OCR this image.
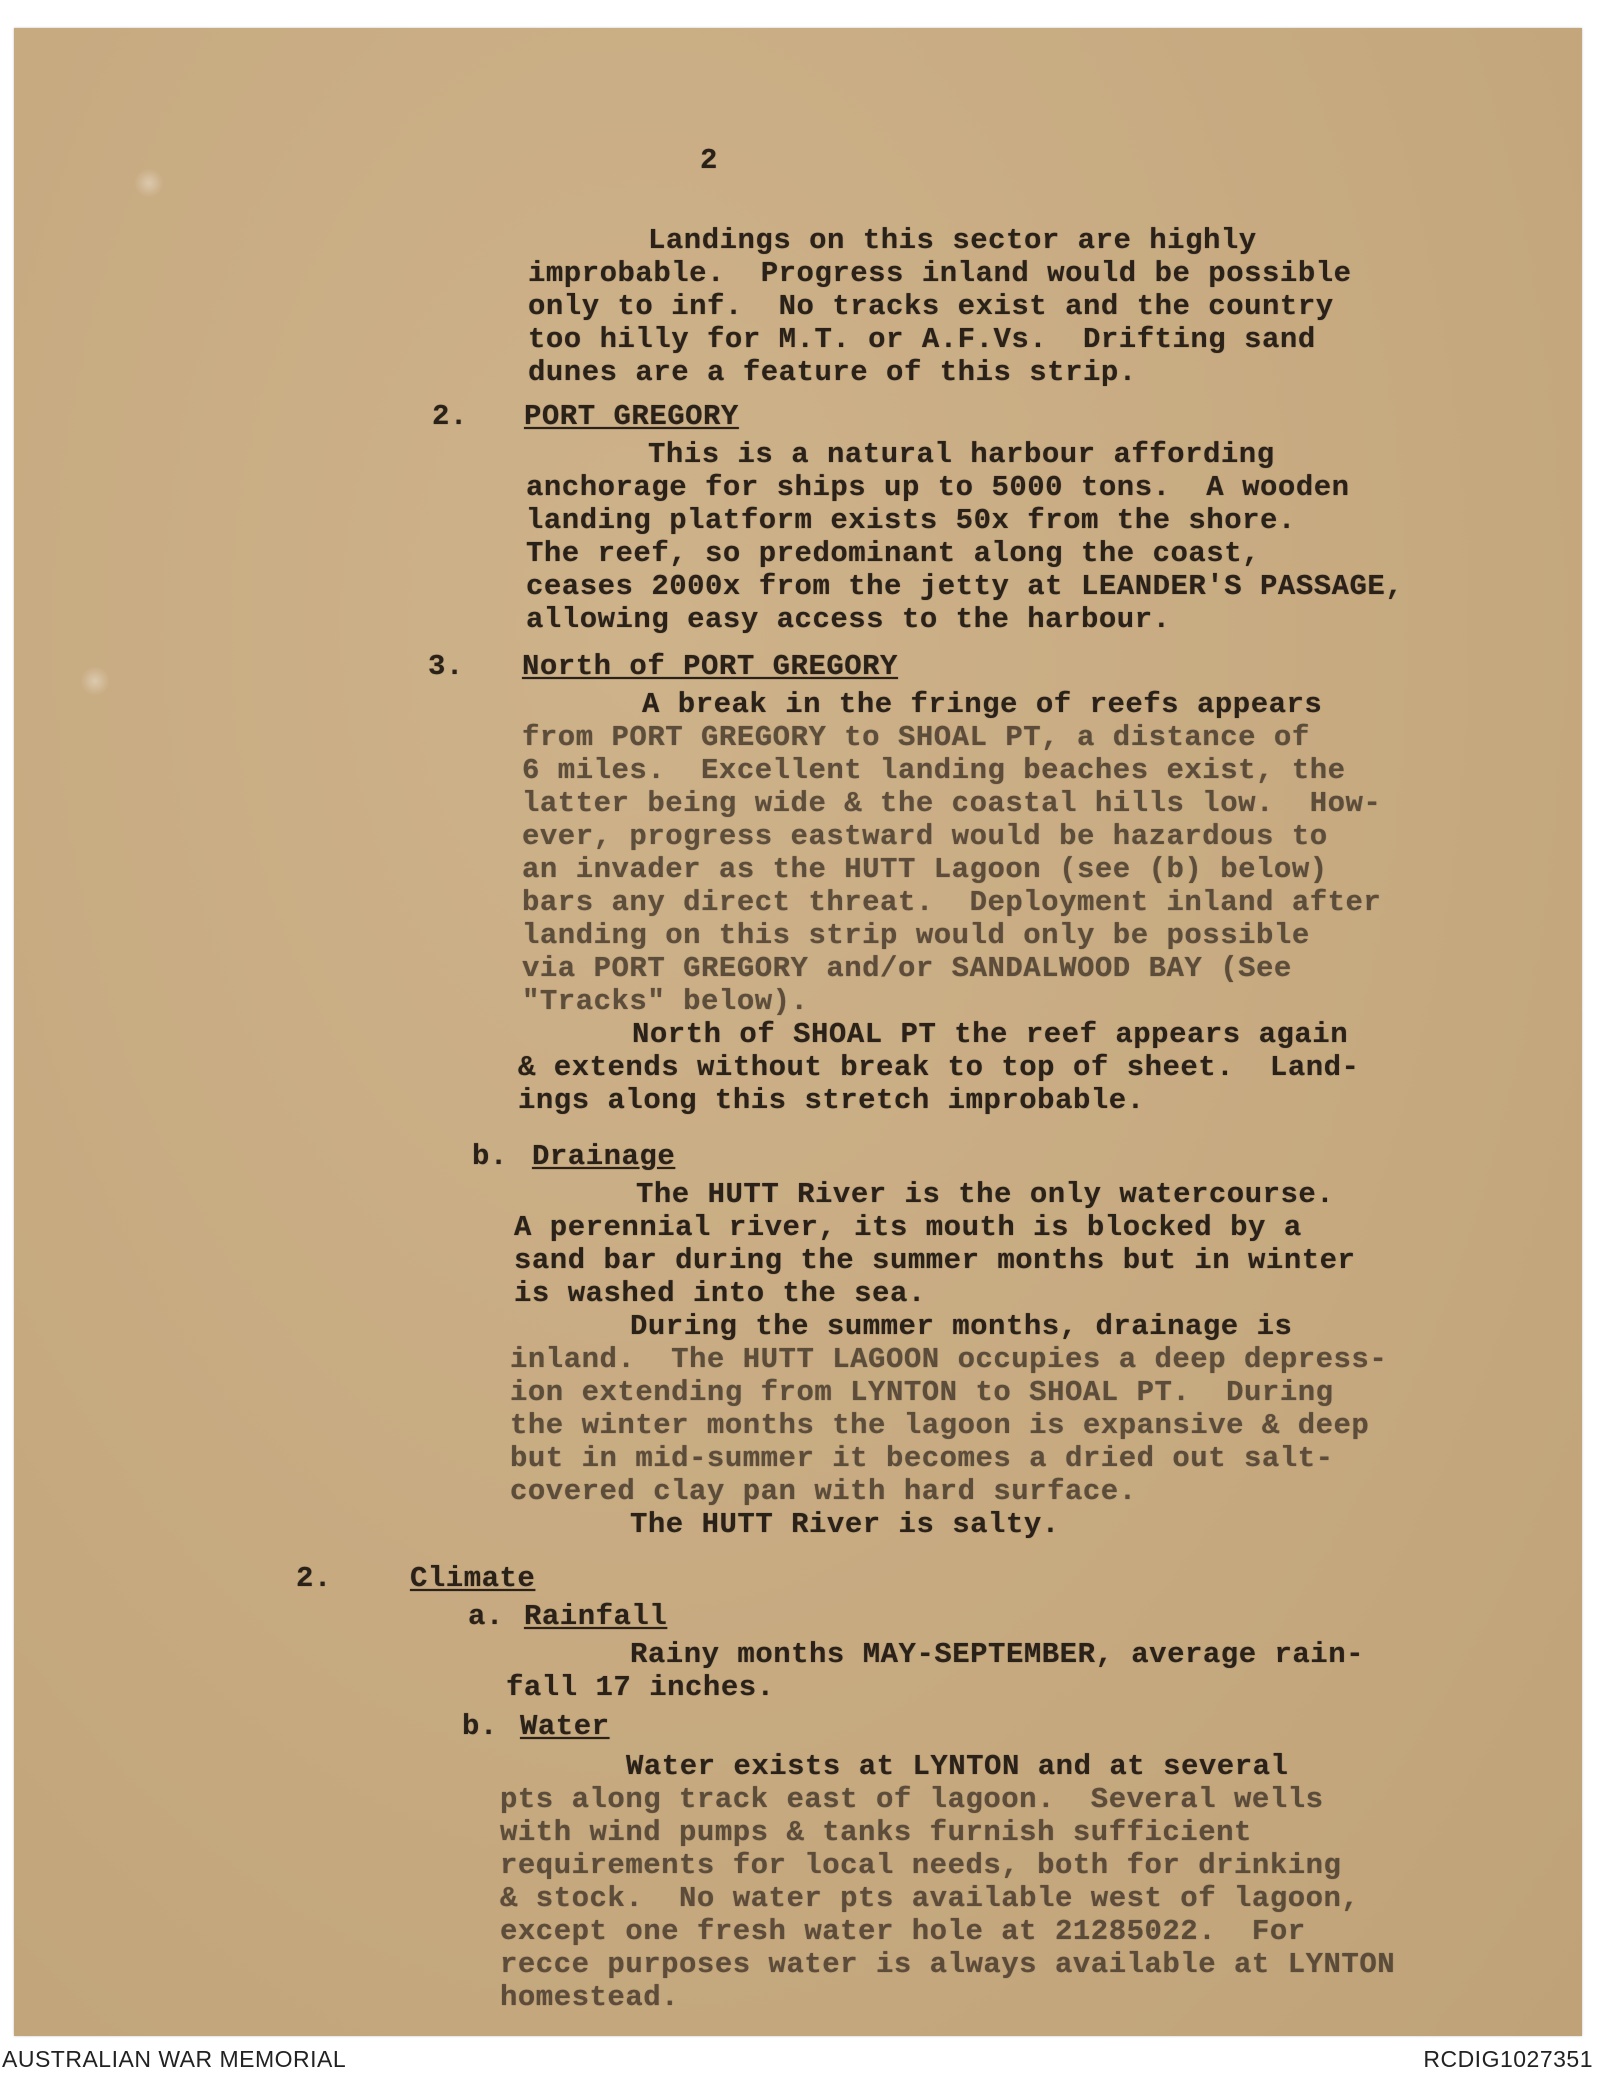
2
Landings on this sector are highly
improbable.  Progress inland would be possible
only to inf.  No tracks exist and the country
too hilly for M.T. or A.F.Vs.  Drifting sand
dunes are a feature of this strip.
2. PORT GREGORY
This is a natural harbour affording
anchorage for ships up to 5000 tons.  A wooden
landing platform exists 50x from the shore.
The reef, so predominant along the coast,
ceases 2000x from the jetty at LEANDER'S PASSAGE,
allowing easy access to the harbour.
3. North of PORT GREGORY
A break in the fringe of reefs appears
from PORT GREGORY to SHOAL PT, a distance of
6 miles.  Excellent landing beaches exist, the
latter being wide & the coastal hills low.  How-
ever, progress eastward would be hazardous to
an invader as the HUTT Lagoon (see (b) below)
bars any direct threat.  Deployment inland after
landing on this strip would only be possible
via PORT GREGORY and/or SANDALWOOD BAY (See
"Tracks" below).
North of SHOAL PT the reef appears again
& extends without break to top of sheet.  Land-
ings along this stretch improbable.
b. Drainage
The HUTT River is the only watercourse.
A perennial river, its mouth is blocked by a
sand bar during the summer months but in winter
is washed into the sea.
During the summer months, drainage is
inland.  The HUTT LAGOON occupies a deep depress-
ion extending from LYNTON to SHOAL PT.  During
the winter months the lagoon is expansive & deep
but in mid-summer it becomes a dried out salt-
covered clay pan with hard surface.
The HUTT River is salty.
2.	Climate
a. Rainfall
Rainy months MAY-SEPTEMBER, average rain-
fall 17 inches.
b. Water
Water exists at LYNTON and at several
pts along track east of lagoon.  Several wells
with wind pumps & tanks furnish sufficient
requirements for local needs, both for drinking
& stock.  No water pts available west of lagoon,
except one fresh water hole at 21285022.  For
recce purposes water is always available at LYNTON
homestead.
AUSTRALIAN WAR MEMORIAL	RCDIG1027351
